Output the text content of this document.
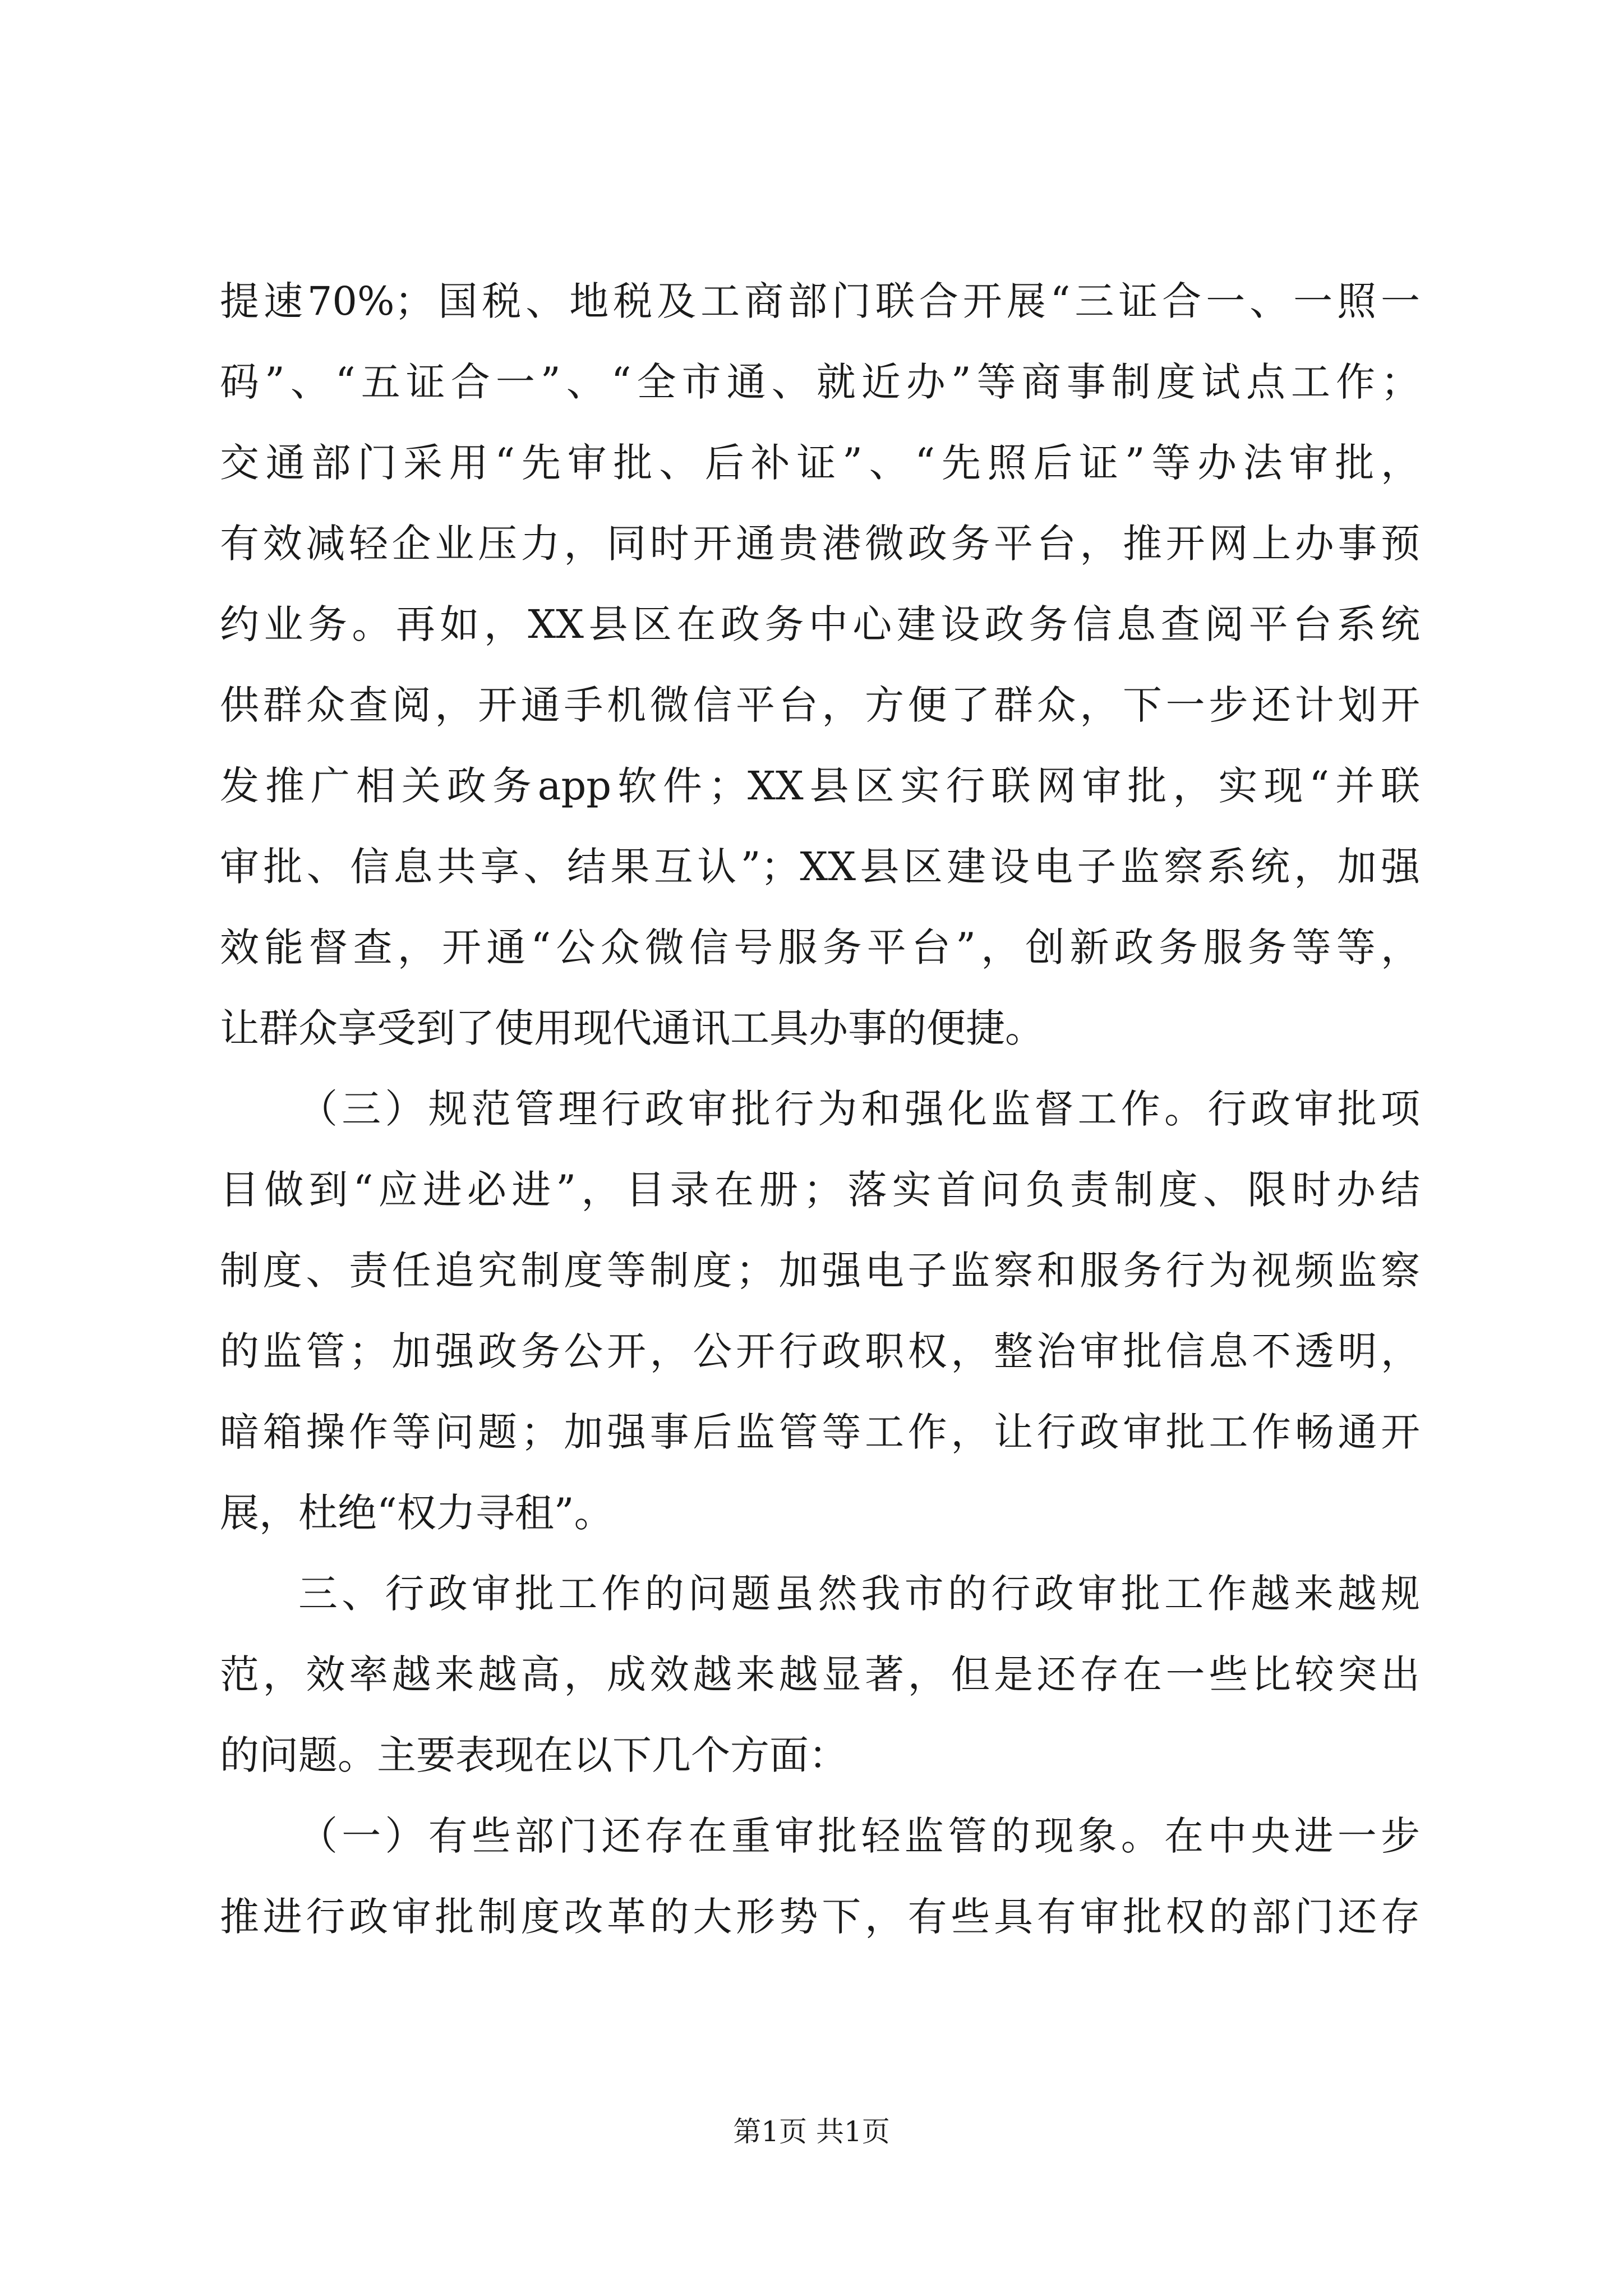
提速70%；国税、地税及工商部门联合开展“三证合一、一照一
码”、“五证合一”、“全市通、就近办”等商事制度试点工作；
交通部门采用“先审批、后补证”、“先照后证”等办法审批，
有效减轻企业压力，同时开通贵港微政务平台，推开网上办事预
约业务。再如，XX县区在政务中心建设政务信息查阅平台系统
供群众查阅，开通手机微信平台，方便了群众，下一步还计划开
发推广相关政务app软件；XX县区实行联网审批，实现“并联
审批、信息共享、结果互认”；XX县区建设电子监察系统，加强
效能督查，开通“公众微信号服务平台”，创新政务服务等等，
让群众享受到了使用现代通讯工具办事的便捷。
（三）规范管理行政审批行为和强化监督工作。行政审批项
目做到“应进必进”，目录在册；落实首问负责制度、限时办结
制度、责任追究制度等制度；加强电子监察和服务行为视频监察
的监管；加强政务公开，公开行政职权，整治审批信息不透明，
暗箱操作等问题；加强事后监管等工作，让行政审批工作畅通开
展，杜绝“权力寻租”。
三、行政审批工作的问题虽然我市的行政审批工作越来越规
范，效率越来越高，成效越来越显著，但是还存在一些比较突出
的问题。主要表现在以下几个方面：
（一）有些部门还存在重审批轻监管的现象。在中央进一步
推进行政审批制度改革的大形势下，有些具有审批权的部门还存
第1页 共1页
